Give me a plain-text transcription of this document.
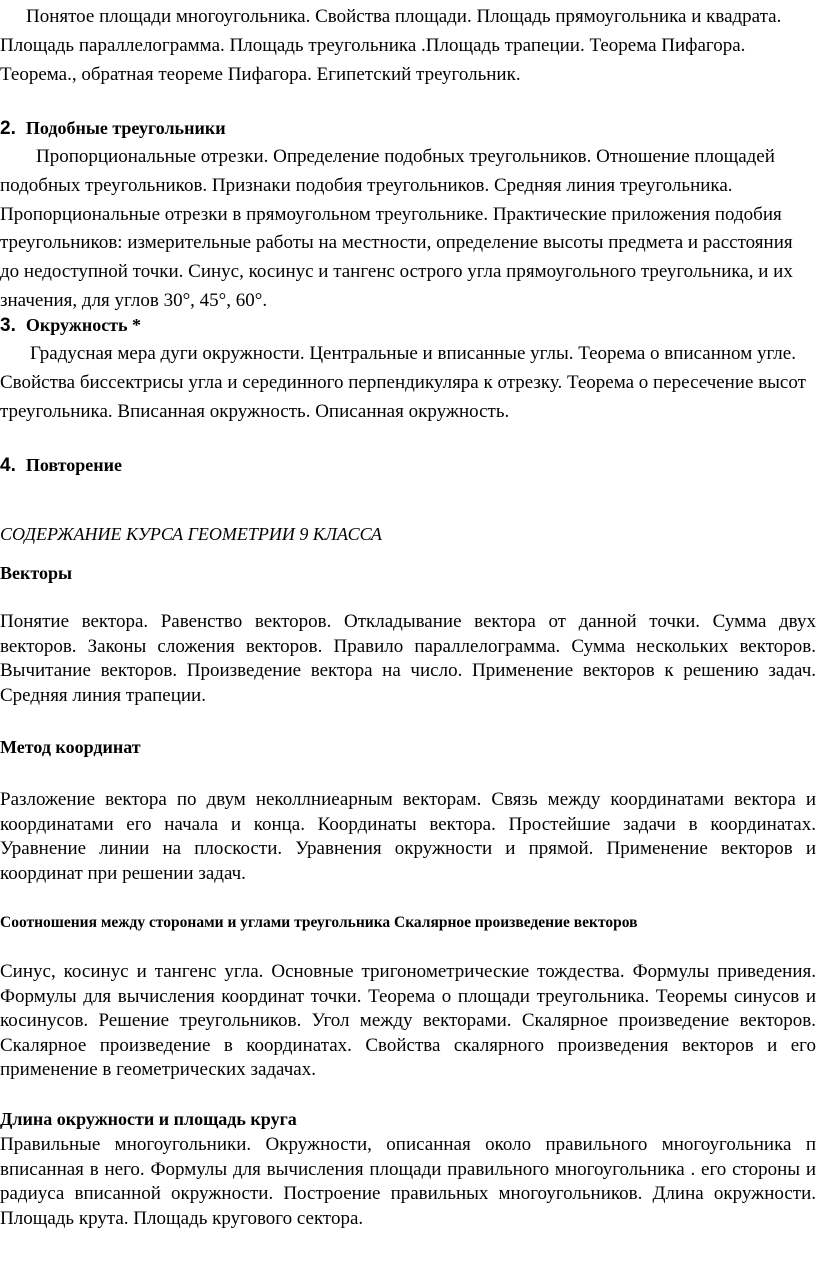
Понятое площади многоугольника. Свойства площади. Площадь прямоугольника и квадрата. Площадь параллелограмма. Площадь треугольника .Площадь трапеции. Теорема Пифагора. Теорема., обратная теореме Пифагора. Египетский треугольник.

2. Подобные треугольники

Пропорциональные отрезки. Определение подобных треугольников. Отношение площадей подобных треугольников. Признаки подобия треугольников. Средняя линия треугольника. Пропорциональные отрезки в прямоугольном треугольнике. Практические приложения подобия треугольников: измерительные работы на местности, определение высоты предмета и расстояния до недоступной точки. Синус, косинус и тангенс острого угла прямоугольного треугольника, и их значения, для углов 30°, 45°, 60°.

3. Окружность *

Градусная мера дуги окружности. Центральные и вписанные углы. Теорема о вписанном угле. Свойства биссектрисы угла и серединного перпендикуляра к отрезку. Теорема о пересечение высот треугольника. Вписанная окружность. Описанная окружность.

4. Повторение

СОДЕРЖАНИЕ КУРСА ГЕОМЕТРИИ 9 КЛАССА

Векторы

Понятие вектора. Равенство векторов. Откладывание вектора от данной точки. Сумма двух векторов. Законы сложения векторов. Правило параллелограмма. Сумма нескольких векторов. Вычитание векторов. Произведение вектора на число. Применение векторов к решению задач. Средняя линия трапеции.

Метод координат

Разложение вектора по двум неколлниеарным векторам. Связь между координатами вектора и координатами его начала и конца. Координаты вектора. Простейшие задачи в координатах. Уравнение линии на плоскости. Уравнения окружности и прямой. Применение векторов и координат при решении задач.

Соотношения между сторонами и углами треугольника Скалярное произведение векторов

Синус, косинус и тангенс угла. Основные тригонометрические тождества. Формулы приведения. Формулы для вычисления координат точки. Теорема о площади треугольника. Теоремы синусов и косинусов. Решение треугольников. Угол между векторами. Скалярное произведение векторов. Скалярное произведение в координатах. Свойства скалярного произведения векторов и его применение в геометрических задачах.

Длина окружности и площадь круга

Правильные многоугольники. Окружности, описанная около правильного многоугольника п вписанная в него. Формулы для вычисления площади правильного многоугольника . его стороны и радиуса вписанной окружности. Построение правильных многоугольников. Длина окружности. Площадь крута. Площадь кругового сектора.
